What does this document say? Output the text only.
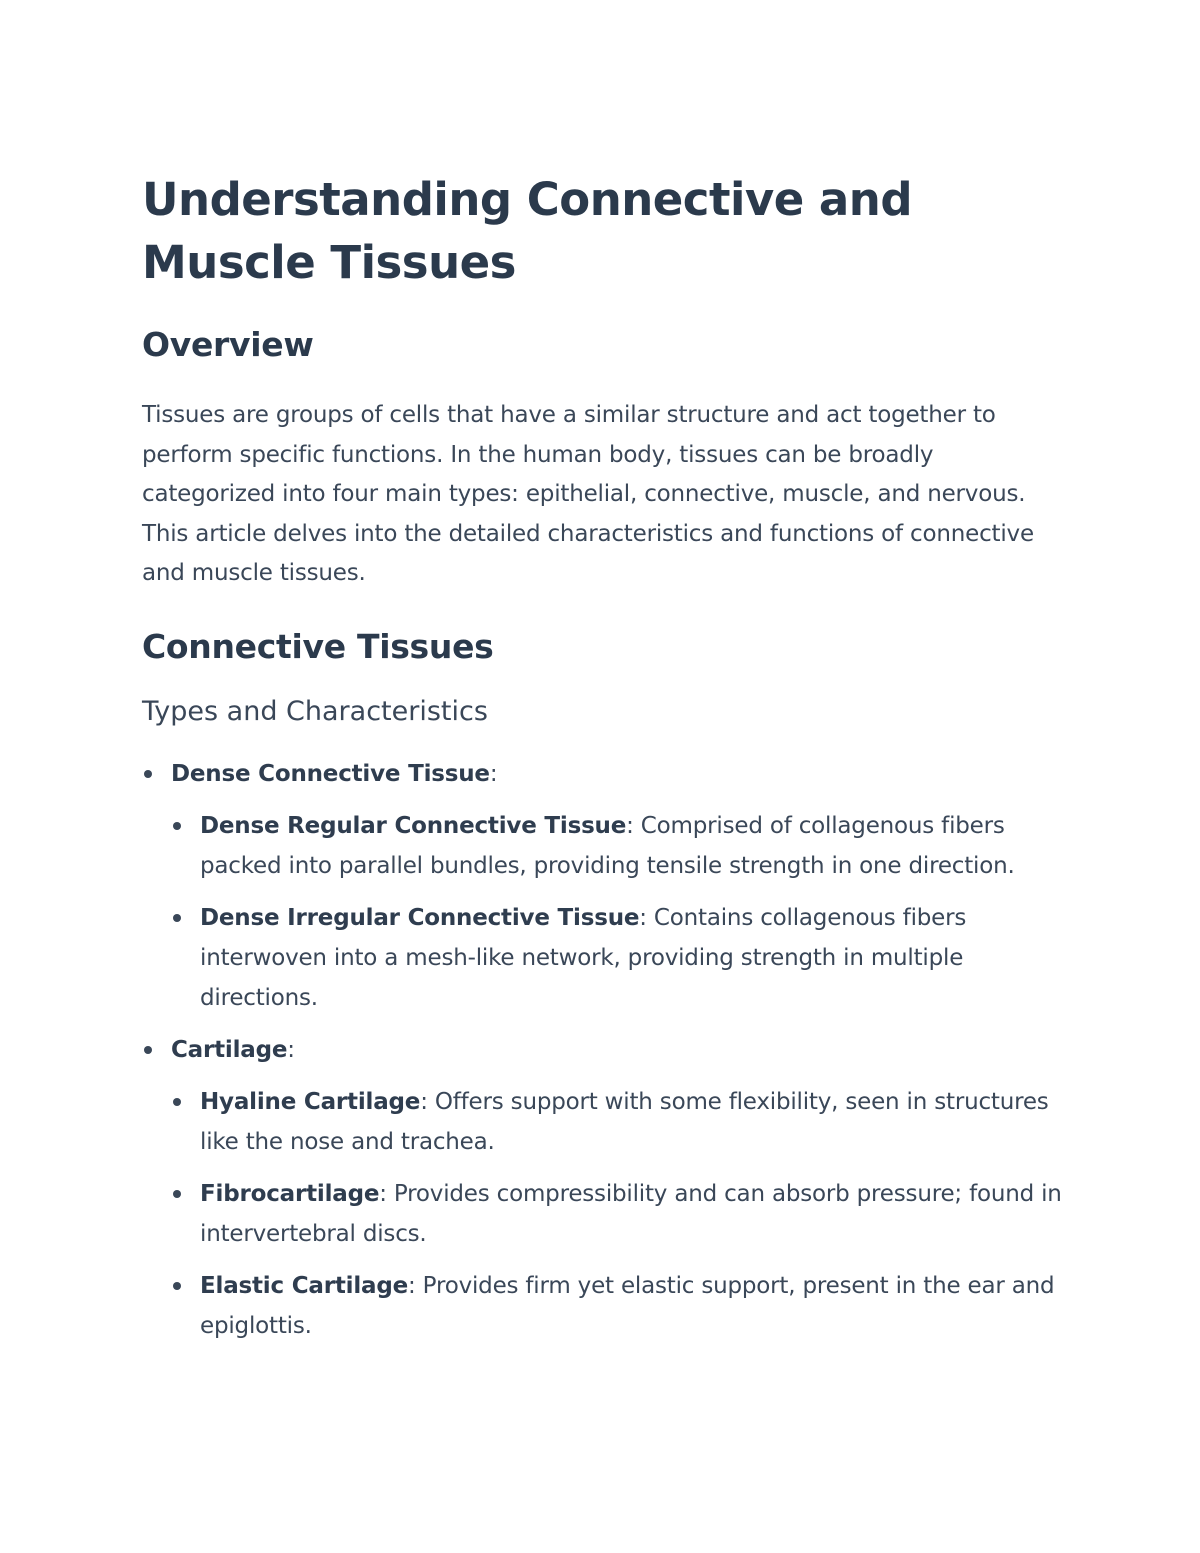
Understanding Connective and Muscle Tissues
Overview

Tissues are groups of cells that have a similar structure and act together to perform specific functions. In the human body, tissues can be broadly categorized into four main types: epithelial, connective, muscle, and nervous. This article delves into the detailed characteristics and functions of connective and muscle tissues.

Connective Tissues
Types and Characteristics
Dense Connective Tissue:
Dense Regular Connective Tissue: Comprised of collagenous fibers packed into parallel bundles, providing tensile strength in one direction.
Dense Irregular Connective Tissue: Contains collagenous fibers interwoven into a mesh-like network, providing strength in multiple directions.
Cartilage:
Hyaline Cartilage: Offers support with some flexibility, seen in structures like the nose and trachea.
Fibrocartilage: Provides compressibility and can absorb pressure; found in intervertebral discs.
Elastic Cartilage: Provides firm yet elastic support, present in the ear and epiglottis.
